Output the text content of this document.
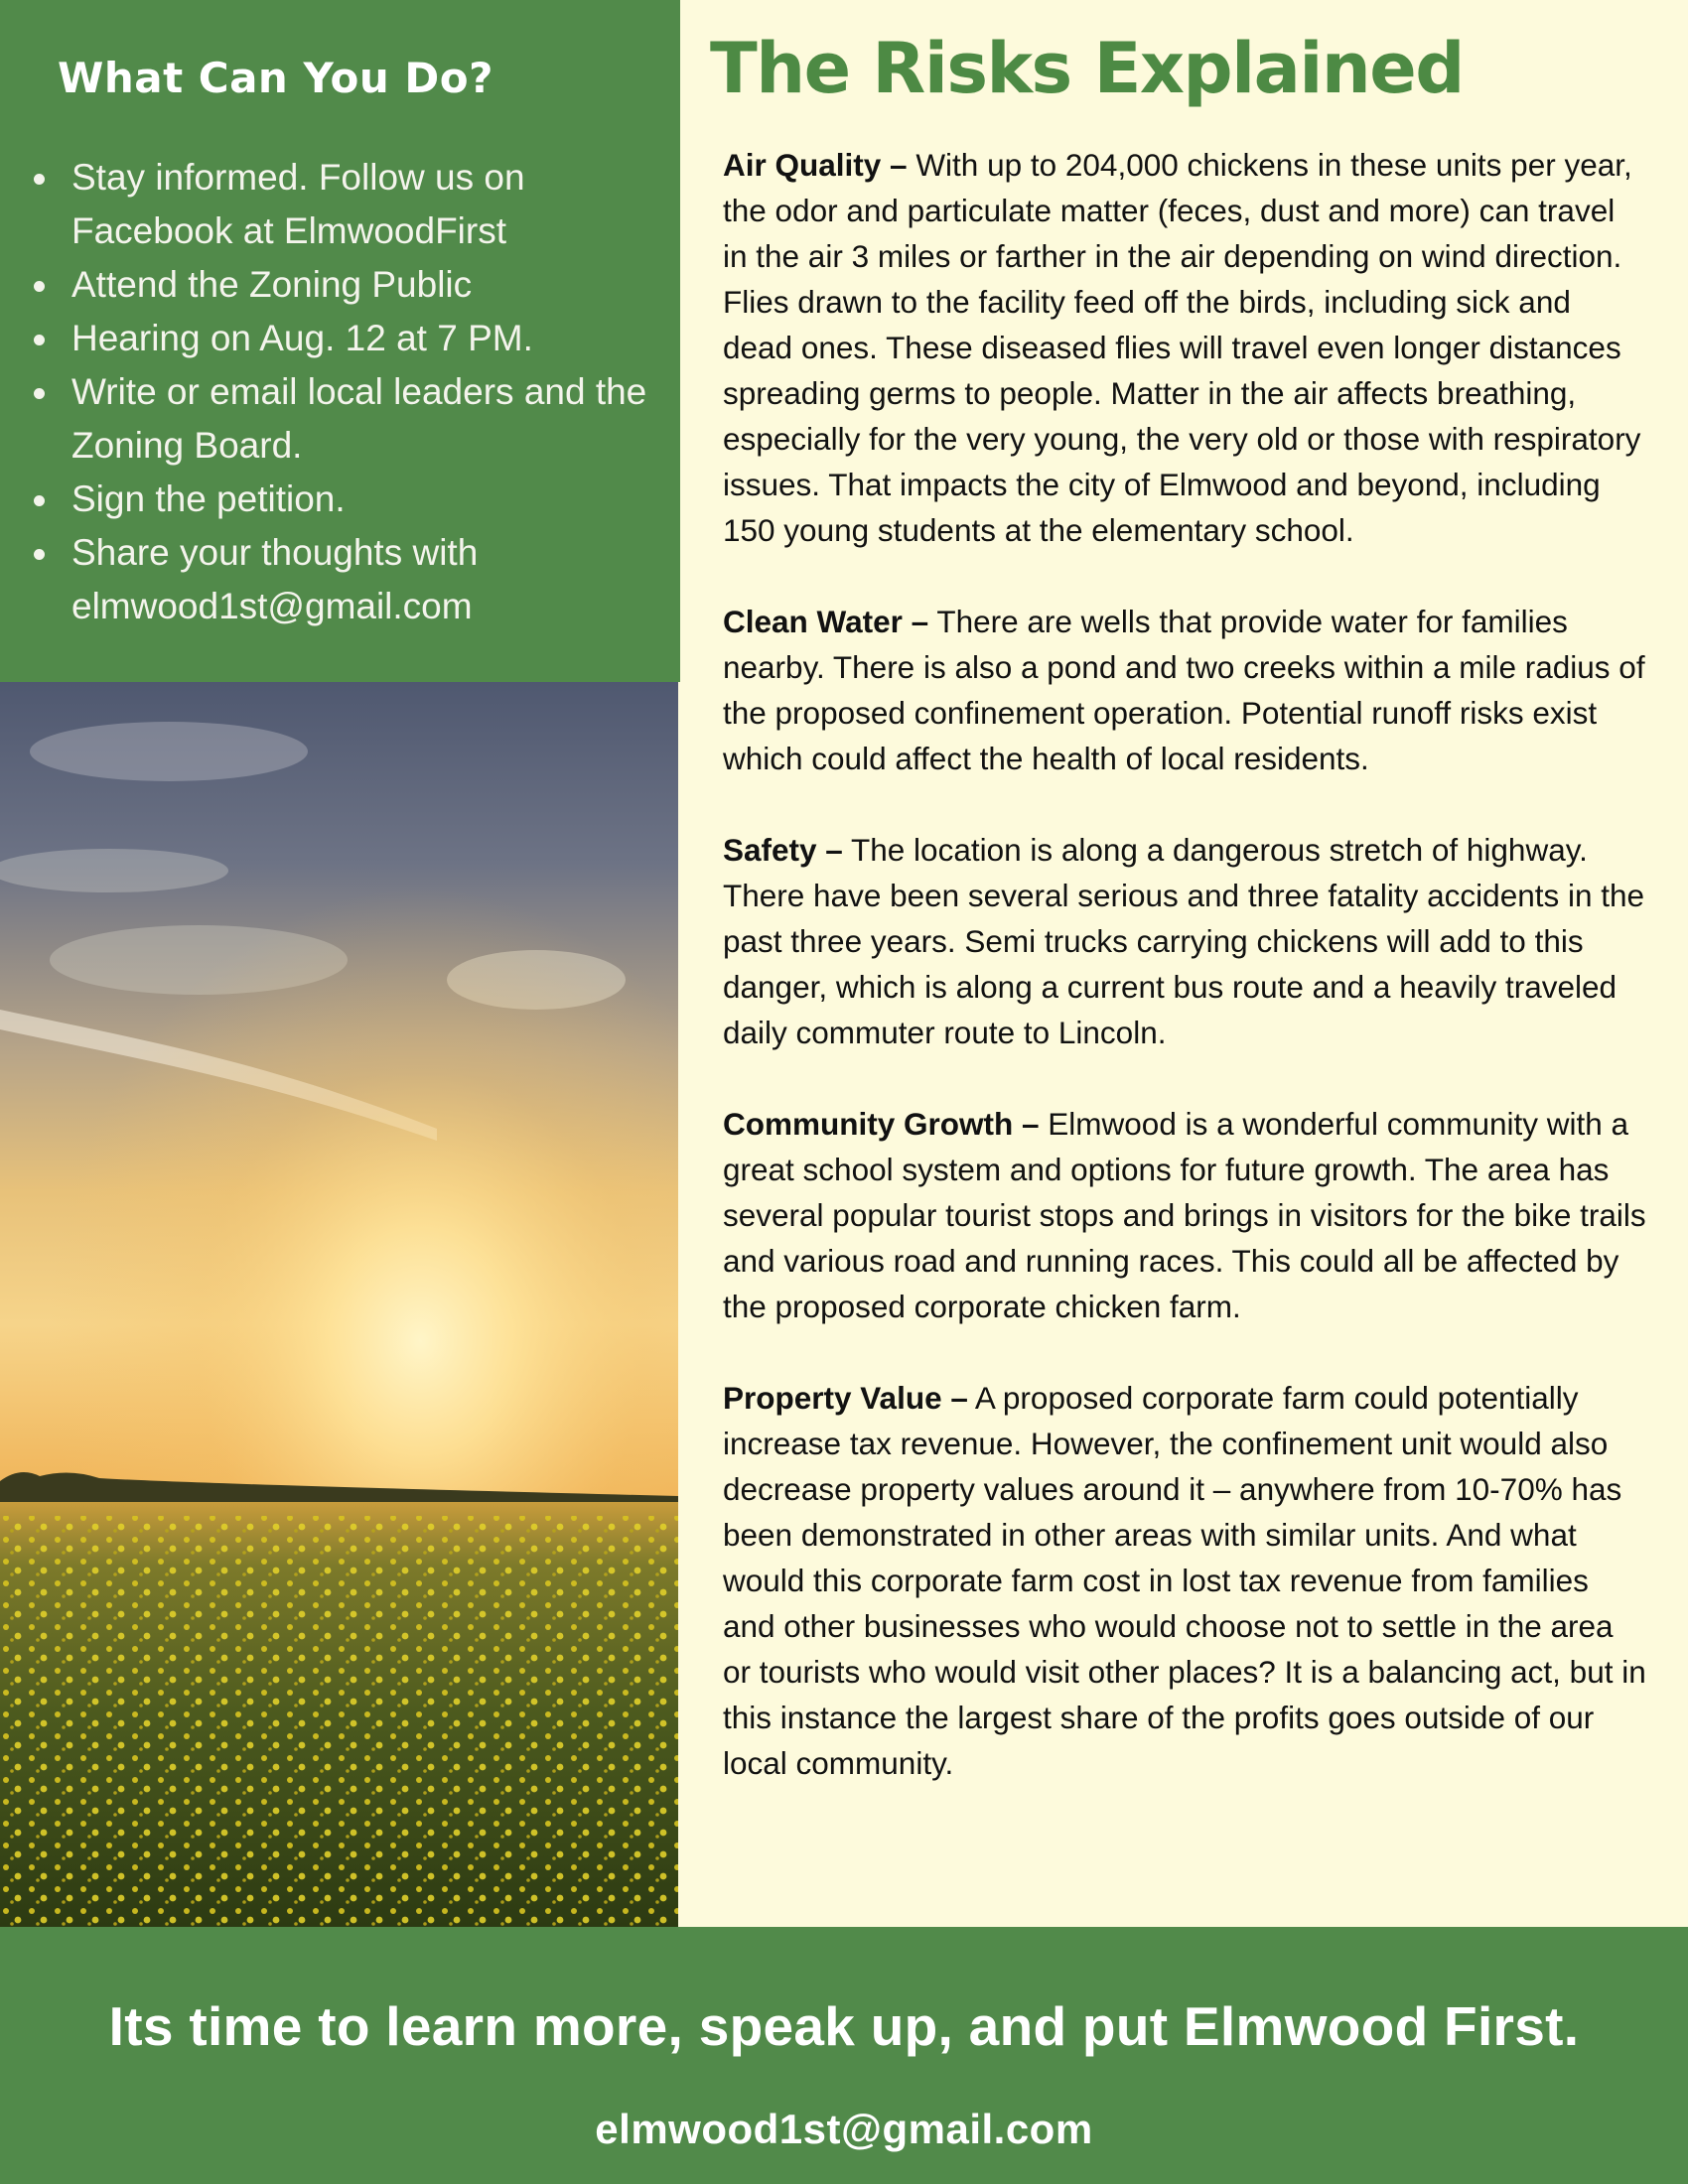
What Can You Do?
Stay informed. Follow us on Facebook at ElmwoodFirst
Attend the Zoning Public
Hearing on Aug. 12 at 7 PM.
Write or email local leaders and the Zoning Board.
Sign the petition.
Share your thoughts with elmwood1st@gmail.com
The Risks Explained

Air Quality – With up to 204,000 chickens in these units per year, the odor and particulate matter (feces, dust and more) can travel in the air 3 miles or farther in the air depending on wind direction. Flies drawn to the facility feed off the birds, including sick and dead ones. These diseased flies will travel even longer distances spreading germs to people. Matter in the air affects breathing, especially for the very young, the very old or those with respiratory issues. That impacts the city of Elmwood and beyond, including 150 young students at the elementary school.

Clean Water – There are wells that provide water for families nearby. There is also a pond and two creeks within a mile radius of the proposed confinement operation. Potential runoff risks exist which could affect the health of local residents.

Safety – The location is along a dangerous stretch of highway. There have been several serious and three fatality accidents in the past three years. Semi trucks carrying chickens will add to this danger, which is along a current bus route and a heavily traveled daily commuter route to Lincoln.

Community Growth – Elmwood is a wonderful community with a great school system and options for future growth. The area has several popular tourist stops and brings in visitors for the bike trails and various road and running races. This could all be affected by the proposed corporate chicken farm.

Property Value – A proposed corporate farm could potentially increase tax revenue. However, the confinement unit would also decrease property values around it – anywhere from 10-70% has been demonstrated in other areas with similar units. And what would this corporate farm cost in lost tax revenue from families and other businesses who would choose not to settle in the area or tourists who would visit other places? It is a balancing act, but in this instance the largest share of the profits goes outside of our local community.

Its time to learn more, speak up, and put Elmwood First.
elmwood1st@gmail.com
